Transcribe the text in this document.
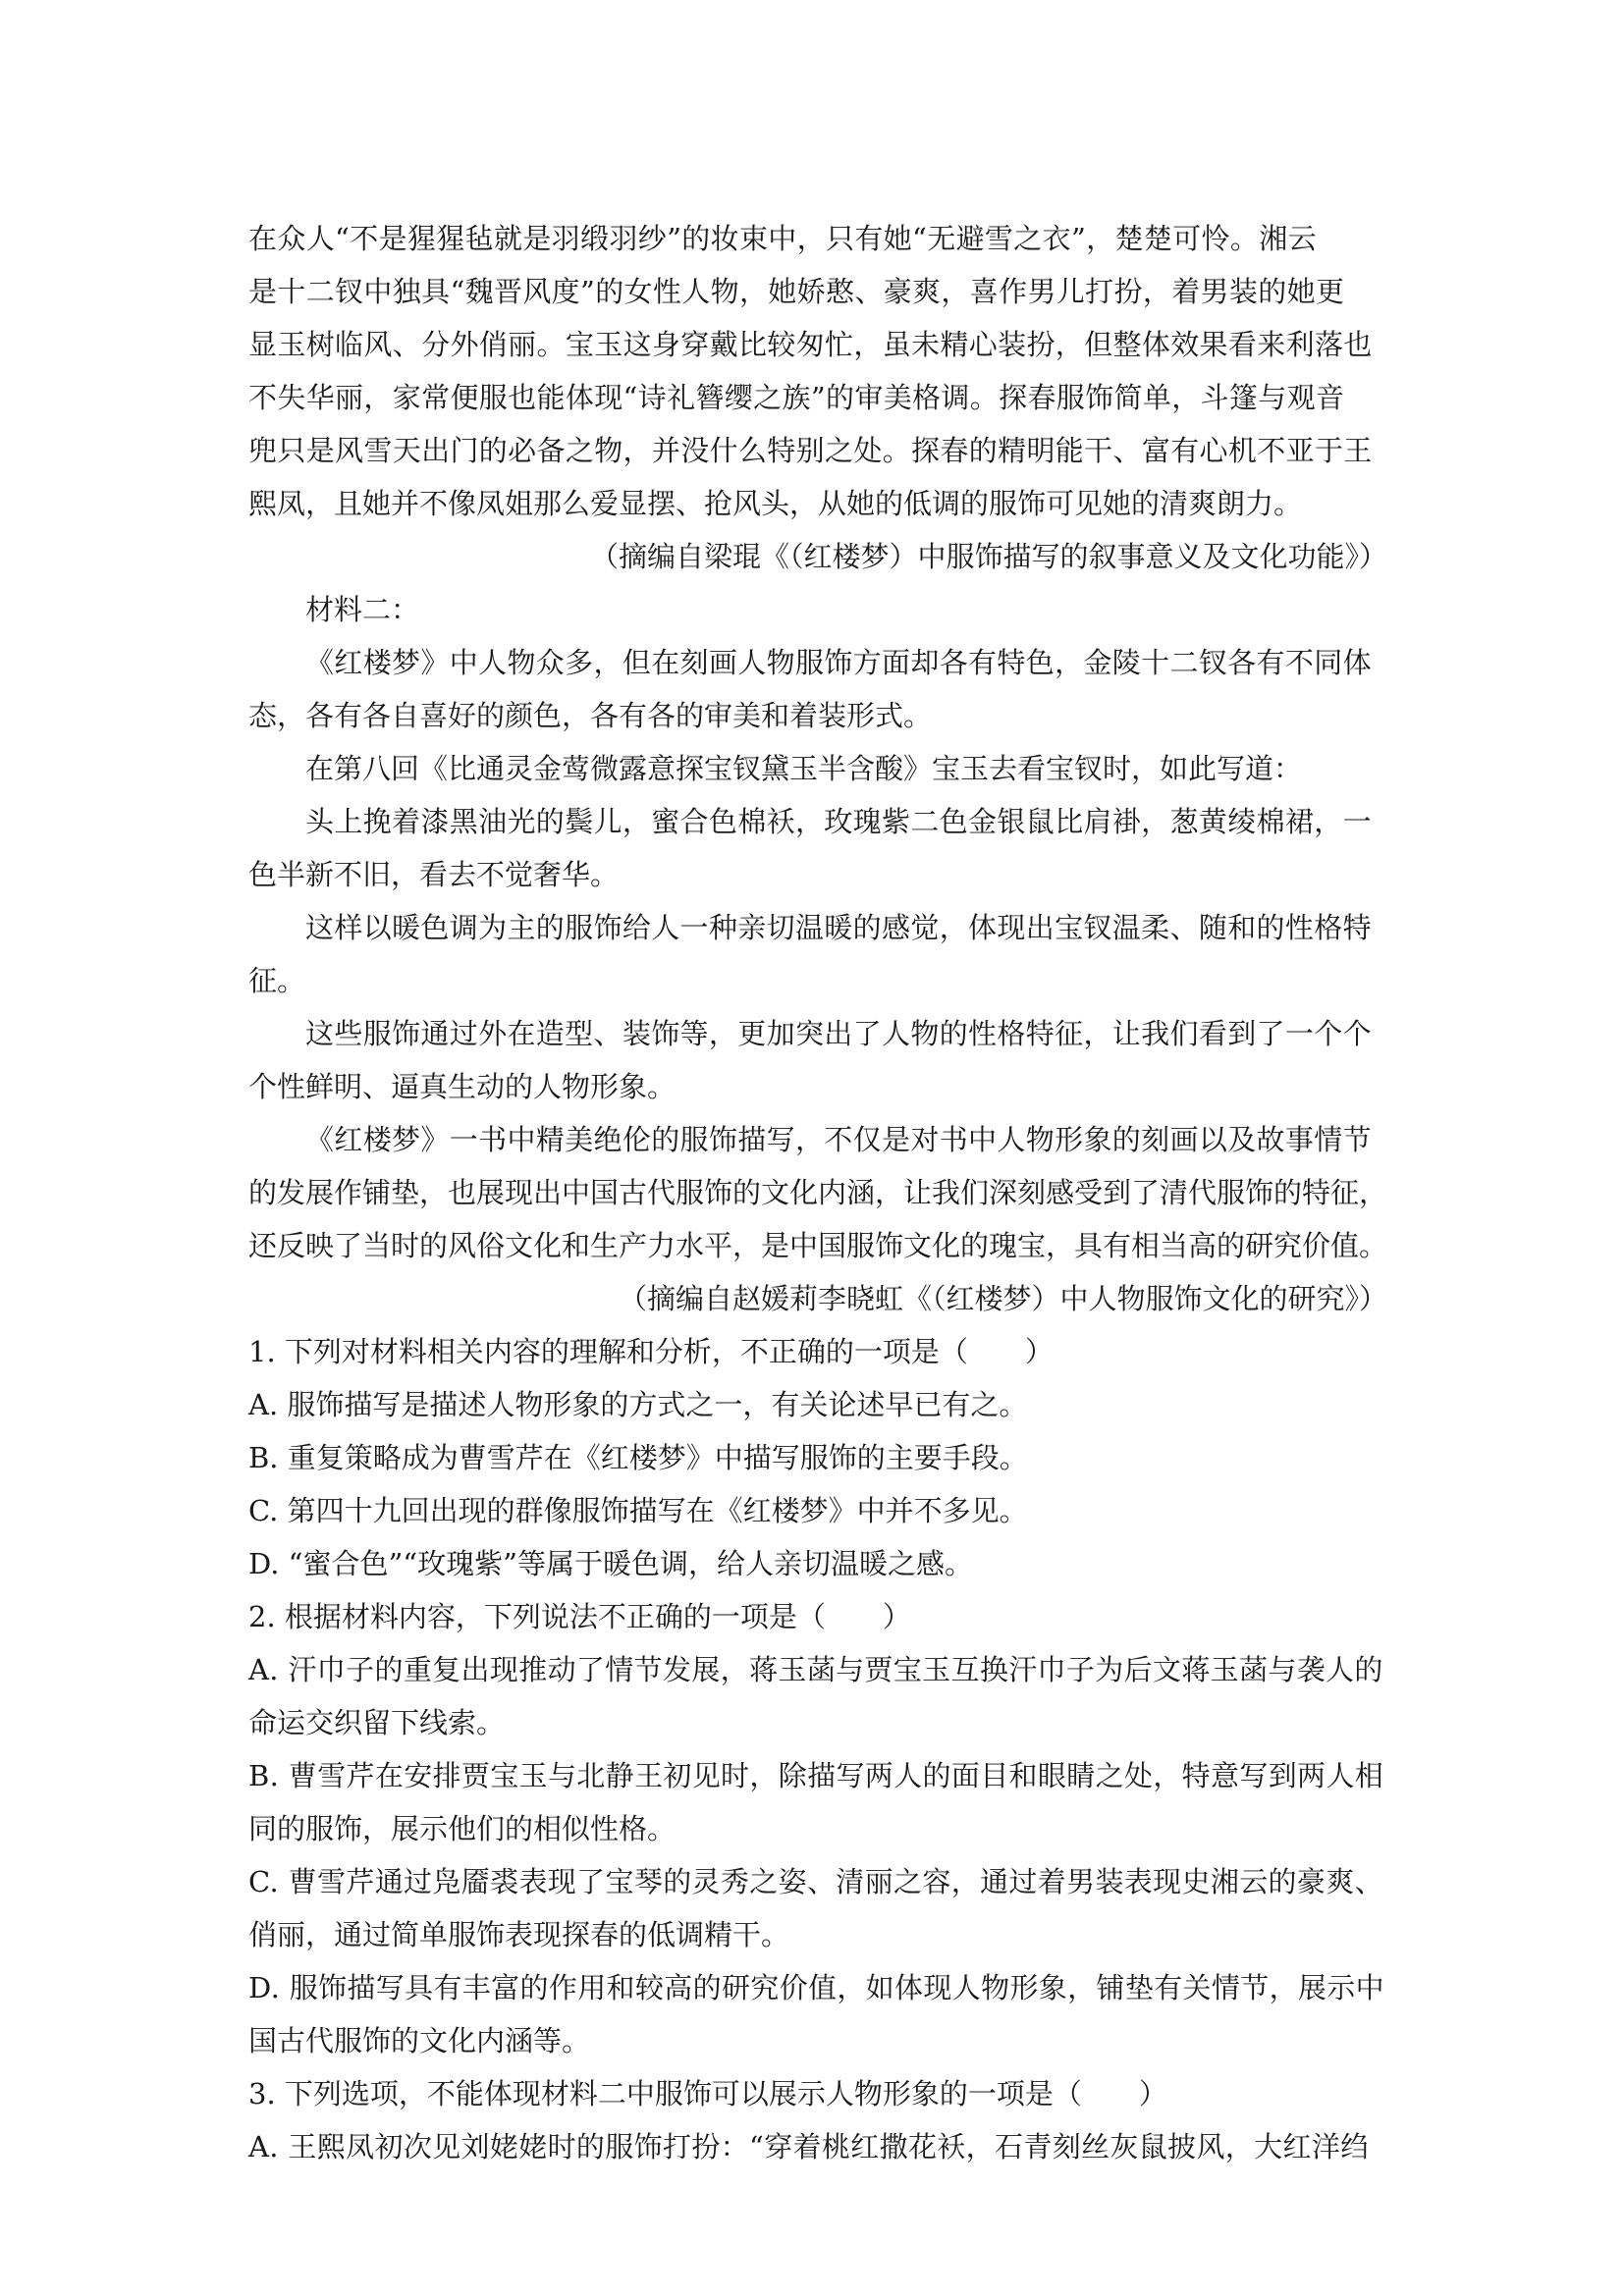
在众人“不是猩猩毡就是羽缎羽纱”的妆束中，只有她“无避雪之衣”，楚楚可怜。湘云

是十二钗中独具“魏晋风度”的女性人物，她娇憨、豪爽，喜作男儿打扮，着男装的她更

显玉树临风、分外俏丽。宝玉这身穿戴比较匆忙，虽未精心装扮，但整体效果看来利落也

不失华丽，家常便服也能体现“诗礼簪缨之族”的审美格调。探春服饰简单，斗篷与观音

兜只是风雪天出门的必备之物，并没什么特别之处。探春的精明能干、富有心机不亚于王

熙凤，且她并不像凤姐那么爱显摆、抢风头，从她的低调的服饰可见她的清爽朗力。

（摘编自梁琨《（红楼梦）中服饰描写的叙事意义及文化功能》）

材料二：

《红楼梦》中人物众多，但在刻画人物服饰方面却各有特色，金陵十二钗各有不同体

态，各有各自喜好的颜色，各有各的审美和着装形式。

在第八回《比通灵金莺微露意探宝钗黛玉半含酸》宝玉去看宝钗时，如此写道：

头上挽着漆黑油光的鬓儿，蜜合色棉袄，玫瑰紫二色金银鼠比肩褂，葱黄绫棉裙，一

色半新不旧，看去不觉奢华。

这样以暖色调为主的服饰给人一种亲切温暖的感觉，体现出宝钗温柔、随和的性格特

征。

这些服饰通过外在造型、装饰等，更加突出了人物的性格特征，让我们看到了一个个

个性鲜明、逼真生动的人物形象。

《红楼梦》一书中精美绝伦的服饰描写，不仅是对书中人物形象的刻画以及故事情节

的发展作铺垫，也展现出中国古代服饰的文化内涵，让我们深刻感受到了清代服饰的特征，

还反映了当时的风俗文化和生产力水平，是中国服饰文化的瑰宝，具有相当高的研究价值。

（摘编自赵媛莉李晓虹《（红楼梦）中人物服饰文化的研究》）

1. 下列对材料相关内容的理解和分析，不正确的一项是（　　）

A. 服饰描写是描述人物形象的方式之一，有关论述早已有之。

B. 重复策略成为曹雪芹在《红楼梦》中描写服饰的主要手段。

C. 第四十九回出现的群像服饰描写在《红楼梦》中并不多见。

D. “蜜合色”“玫瑰紫”等属于暖色调，给人亲切温暖之感。

2. 根据材料内容，下列说法不正确的一项是（　　）

A. 汗巾子的重复出现推动了情节发展，蒋玉菡与贾宝玉互换汗巾子为后文蒋玉菡与袭人的

命运交织留下线索。

B. 曹雪芹在安排贾宝玉与北静王初见时，除描写两人的面目和眼睛之处，特意写到两人相

同的服饰，展示他们的相似性格。

C. 曹雪芹通过凫靥裘表现了宝琴的灵秀之姿、清丽之容，通过着男装表现史湘云的豪爽、

俏丽，通过简单服饰表现探春的低调精干。

D. 服饰描写具有丰富的作用和较高的研究价值，如体现人物形象，铺垫有关情节，展示中

国古代服饰的文化内涵等。

3. 下列选项，不能体现材料二中服饰可以展示人物形象的一项是（　　）

A. 王熙凤初次见刘姥姥时的服饰打扮：“穿着桃红撒花袄，石青刻丝灰鼠披风，大红洋绉
